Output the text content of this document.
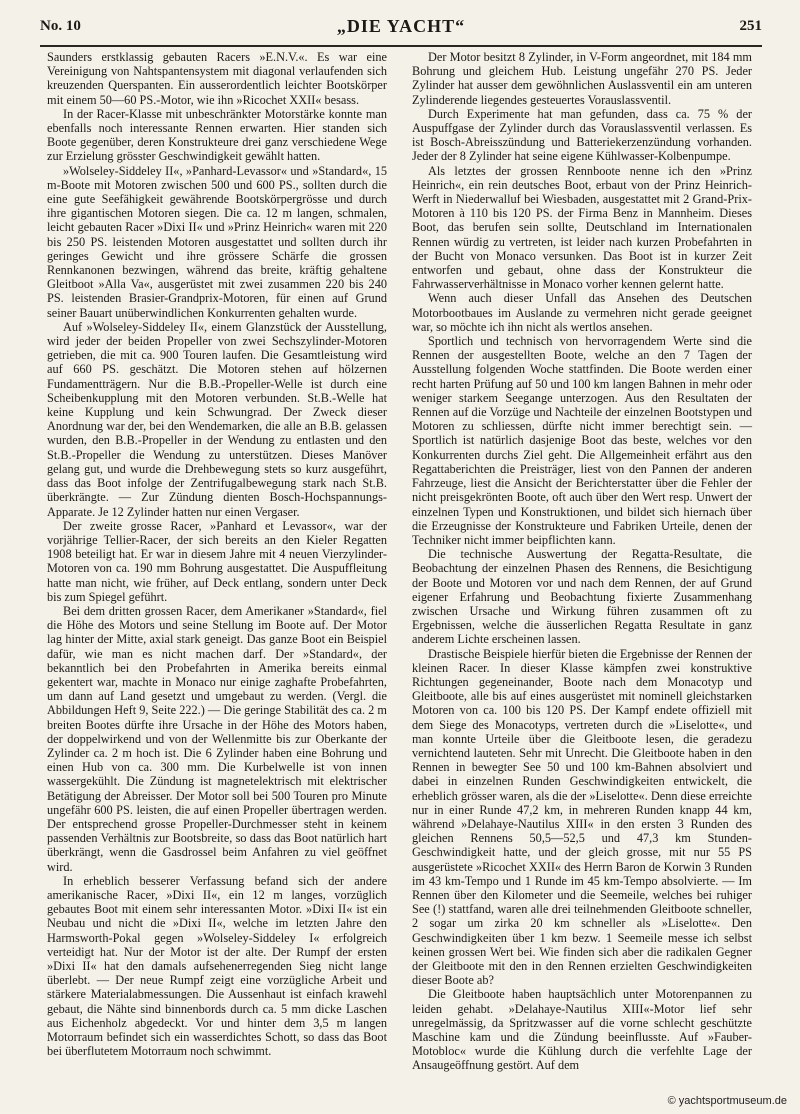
No. 10	„DIE YACHT“	251

Saunders erstklassig gebauten Racers »E.N.V.«. Es war eine Vereinigung von Nahtspantensystem mit diagonal verlaufenden sich kreuzenden Querspanten. Ein ausserordentlich leichter Bootskörper mit einem 50—60 PS.-Motor, wie ihn »Ricochet XXII« besass.

In der Racer-Klasse mit unbeschränkter Motorstärke konnte man ebenfalls noch interessante Rennen erwarten. Hier standen sich Boote gegenüber, deren Konstrukteure drei ganz verschiedene Wege zur Erzielung grösster Geschwindigkeit gewählt hatten.

»Wolseley-Siddeley II«, »Panhard-Levassor« und »Standard«, 15 m-Boote mit Motoren zwischen 500 und 600 PS., sollten durch die eine gute Seefähigkeit gewährende Bootskörpergrösse und durch ihre gigantischen Motoren siegen. Die ca. 12 m langen, schmalen, leicht gebauten Racer »Dixi II« und »Prinz Heinrich« waren mit 220 bis 250 PS. leistenden Motoren ausgestattet und sollten durch ihr geringes Gewicht und ihre grössere Schärfe die grossen Rennkanonen bezwingen, während das breite, kräftig gehaltene Gleitboot »Alla Va«, ausgerüstet mit zwei zusammen 220 bis 240 PS. leistenden Brasier-Grandprix-Motoren, für einen auf Grund seiner Bauart unüberwindlichen Konkurrenten gehalten wurde.

Auf »Wolseley-Siddeley II«, einem Glanzstück der Ausstellung, wird jeder der beiden Propeller von zwei Sechszylinder-Motoren getrieben, die mit ca. 900 Touren laufen. Die Gesamtleistung wird auf 660 PS. geschätzt. Die Motoren stehen auf hölzernen Fundamentträgern. Nur die B.B.-Propeller-Welle ist durch eine Scheibenkupplung mit den Motoren verbunden. St.B.-Welle hat keine Kupplung und kein Schwungrad. Der Zweck dieser Anordnung war der, bei den Wendemarken, die alle an B.B. gelassen wurden, den B.B.-Propeller in der Wendung zu entlasten und den St.B.-Propeller die Wendung zu unterstützen. Dieses Manöver gelang gut, und wurde die Drehbewegung stets so kurz ausgeführt, dass das Boot infolge der Zentrifugalbewegung stark nach St.B. überkrängte. — Zur Zündung dienten Bosch-Hochspannungs-Apparate. Je 12 Zylinder hatten nur einen Vergaser.

Der zweite grosse Racer, »Panhard et Levassor«, war der vorjährige Tellier-Racer, der sich bereits an den Kieler Regatten 1908 beteiligt hat. Er war in diesem Jahre mit 4 neuen Vierzylinder-Motoren von ca. 190 mm Bohrung ausgestattet. Die Auspuffleitung hatte man nicht, wie früher, auf Deck entlang, sondern unter Deck bis zum Spiegel geführt.

Bei dem dritten grossen Racer, dem Amerikaner »Standard«, fiel die Höhe des Motors und seine Stellung im Boote auf. Der Motor lag hinter der Mitte, axial stark geneigt. Das ganze Boot ein Beispiel dafür, wie man es nicht machen darf. Der »Standard«, der bekanntlich bei den Probefahrten in Amerika bereits einmal gekentert war, machte in Monaco nur einige zaghafte Probefahrten, um dann auf Land gesetzt und umgebaut zu werden. (Vergl. die Abbildungen Heft 9, Seite 222.) — Die geringe Stabilität des ca. 2 m breiten Bootes dürfte ihre Ursache in der Höhe des Motors haben, der doppelwirkend und von der Wellenmitte bis zur Oberkante der Zylinder ca. 2 m hoch ist. Die 6 Zylinder haben eine Bohrung und einen Hub von ca. 300 mm. Die Kurbelwelle ist von innen wassergekühlt. Die Zündung ist magnetelektrisch mit elektrischer Betätigung der Abreisser. Der Motor soll bei 500 Touren pro Minute ungefähr 600 PS. leisten, die auf einen Propeller übertragen werden. Der entsprechend grosse Propeller-Durchmesser steht in keinem passenden Verhältnis zur Bootsbreite, so dass das Boot natürlich hart überkrängt, wenn die Gasdrossel beim Anfahren zu viel geöffnet wird.

In erheblich besserer Verfassung befand sich der andere amerikanische Racer, »Dixi II«, ein 12 m langes, vorzüglich gebautes Boot mit einem sehr interessanten Motor. »Dixi II« ist ein Neubau und nicht die »Dixi II«, welche im letzten Jahre den Harmsworth-Pokal gegen »Wolseley-Siddeley I« erfolgreich verteidigt hat. Nur der Motor ist der alte. Der Rumpf der ersten »Dixi II« hat den damals aufsehenerregenden Sieg nicht lange überlebt. — Der neue Rumpf zeigt eine vorzügliche Arbeit und stärkere Materialabmessungen. Die Aussenhaut ist einfach krawehl gebaut, die Nähte sind binnenbords durch ca. 5 mm dicke Laschen aus Eichenholz abgedeckt. Vor und hinter dem 3,5 m langen Motorraum befindet sich ein wasserdichtes Schott, so dass das Boot bei überflutetem Motorraum noch schwimmt.

Der Motor besitzt 8 Zylinder, in V-Form angeordnet, mit 184 mm Bohrung und gleichem Hub. Leistung ungefähr 270 PS. Jeder Zylinder hat ausser dem gewöhnlichen Auslassventil ein am unteren Zylinderende liegendes gesteuertes Vorauslassventil.

Durch Experimente hat man gefunden, dass ca. 75 % der Auspuffgase der Zylinder durch das Vorauslassventil verlassen. Es ist Bosch-Abreisszündung und Batteriekerzenzündung vorhanden. Jeder der 8 Zylinder hat seine eigene Kühlwasser-Kolbenpumpe.

Als letztes der grossen Rennboote nenne ich den »Prinz Heinrich«, ein rein deutsches Boot, erbaut von der Prinz Heinrich-Werft in Niederwalluf bei Wiesbaden, ausgestattet mit 2 Grand-Prix-Motoren à 110 bis 120 PS. der Firma Benz in Mannheim. Dieses Boot, das berufen sein sollte, Deutschland im Internationalen Rennen würdig zu vertreten, ist leider nach kurzen Probefahrten in der Bucht von Monaco versunken. Das Boot ist in kurzer Zeit entworfen und gebaut, ohne dass der Konstrukteur die Fahrwasserverhältnisse in Monaco vorher kennen gelernt hatte.

Wenn auch dieser Unfall das Ansehen des Deutschen Motorbootbaues im Auslande zu vermehren nicht gerade geeignet war, so möchte ich ihn nicht als wertlos ansehen.

Sportlich und technisch von hervorragendem Werte sind die Rennen der ausgestellten Boote, welche an den 7 Tagen der Ausstellung folgenden Woche stattfinden. Die Boote werden einer recht harten Prüfung auf 50 und 100 km langen Bahnen in mehr oder weniger starkem Seegange unterzogen. Aus den Resultaten der Rennen auf die Vorzüge und Nachteile der einzelnen Bootstypen und Motoren zu schliessen, dürfte nicht immer berechtigt sein. — Sportlich ist natürlich dasjenige Boot das beste, welches vor den Konkurrenten durchs Ziel geht. Die Allgemeinheit erfährt aus den Regattaberichten die Preisträger, liest von den Pannen der anderen Fahrzeuge, liest die Ansicht der Berichterstatter über die Fehler der nicht preisgekrönten Boote, oft auch über den Wert resp. Unwert der einzelnen Typen und Konstruktionen, und bildet sich hiernach über die Erzeugnisse der Konstrukteure und Fabriken Urteile, denen der Techniker nicht immer beipflichten kann.

Die technische Auswertung der Regatta-Resultate, die Beobachtung der einzelnen Phasen des Rennens, die Besichtigung der Boote und Motoren vor und nach dem Rennen, der auf Grund eigener Erfahrung und Beobachtung fixierte Zusammenhang zwischen Ursache und Wirkung führen zusammen oft zu Ergebnissen, welche die äusserlichen Regatta Resultate in ganz anderem Lichte erscheinen lassen.

Drastische Beispiele hierfür bieten die Ergebnisse der Rennen der kleinen Racer. In dieser Klasse kämpfen zwei konstruktive Richtungen gegeneinander, Boote nach dem Monacotyp und Gleitboote, alle bis auf eines ausgerüstet mit nominell gleichstarken Motoren von ca. 100 bis 120 PS. Der Kampf endete offiziell mit dem Siege des Monacotyps, vertreten durch die »Liselotte«, und man konnte Urteile über die Gleitboote lesen, die geradezu vernichtend lauteten. Sehr mit Unrecht. Die Gleitboote haben in den Rennen in bewegter See 50 und 100 km-Bahnen absolviert und dabei in einzelnen Runden Geschwindigkeiten entwickelt, die erheblich grösser waren, als die der »Liselotte«. Denn diese erreichte nur in einer Runde 47,2 km, in mehreren Runden knapp 44 km, während »Delahaye-Nautilus XIII« in den ersten 3 Runden des gleichen Rennens 50,5—52,5 und 47,3 km Stunden-Geschwindigkeit hatte, und der gleich grosse, mit nur 55 PS ausgerüstete »Ricochet XXII« des Herrn Baron de Korwin 3 Runden im 43 km-Tempo und 1 Runde im 45 km-Tempo absolvierte. — Im Rennen über den Kilometer und die Seemeile, welches bei ruhiger See (!) stattfand, waren alle drei teilnehmenden Gleitboote schneller, 2 sogar um zirka 20 km schneller als »Liselotte«. Den Geschwindigkeiten über 1 km bezw. 1 Seemeile messe ich selbst keinen grossen Wert bei. Wie finden sich aber die radikalen Gegner der Gleitboote mit den in den Rennen erzielten Geschwindigkeiten dieser Boote ab?

Die Gleitboote haben hauptsächlich unter Motorenpannen zu leiden gehabt. »Delahaye-Nautilus XIII«-Motor lief sehr unregelmässig, da Spritzwasser auf die vorne schlecht geschützte Maschine kam und die Zündung beeinflusste. Auf »Fauber-Motobloc« wurde die Kühlung durch die verfehlte Lage der Ansaugeöffnung gestört. Auf dem

© yachtsportmuseum.de
